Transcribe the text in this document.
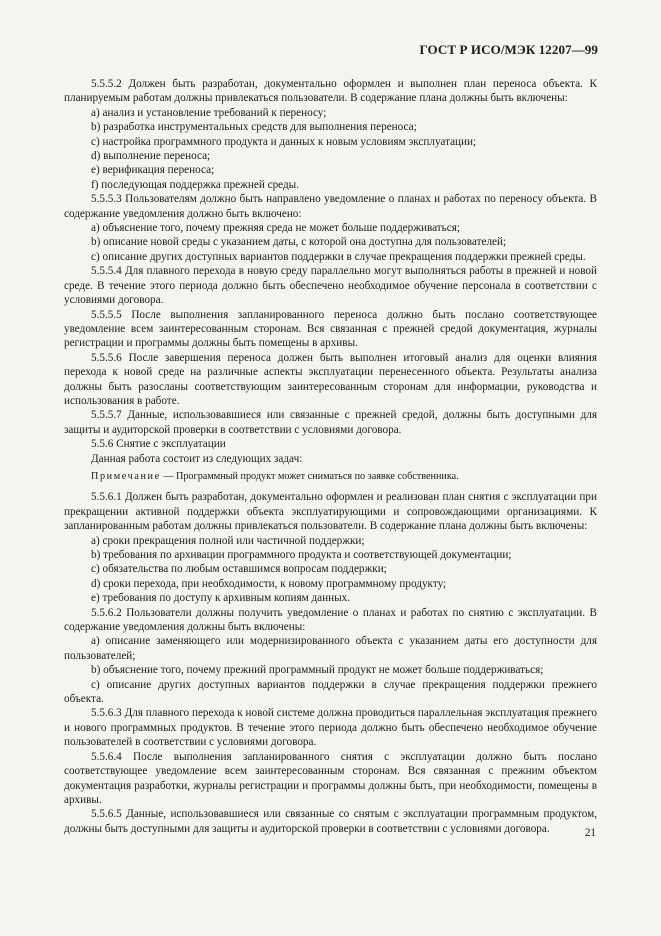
ГОСТ Р ИСО/МЭК 12207—99
5.5.5.2 Должен быть разработан, документально оформлен и выполнен план переноса объекта. К планируемым работам должны привлекаться пользователи. В содержание плана должны быть включены:
a) анализ и установление требований к переносу;
b) разработка инструментальных средств для выполнения переноса;
c) настройка программного продукта и данных к новым условиям эксплуатации;
d) выполнение переноса;
e) верификация переноса;
f) последующая поддержка прежней среды.
5.5.5.3 Пользователям должно быть направлено уведомление о планах и работах по переносу объекта. В содержание уведомления должно быть включено:
a) объяснение того, почему прежняя среда не может больше поддерживаться;
b) описание новой среды с указанием даты, с которой она доступна для пользователей;
c) описание других доступных вариантов поддержки в случае прекращения поддержки прежней среды.
5.5.5.4 Для плавного перехода в новую среду параллельно могут выполняться работы в прежней и новой среде. В течение этого периода должно быть обеспечено необходимое обучение персонала в соответствии с условиями договора.
5.5.5.5 После выполнения запланированного переноса должно быть послано соответствующее уведомление всем заинтересованным сторонам. Вся связанная с прежней средой документация, журналы регистрации и программы должны быть помещены в архивы.
5.5.5.6 После завершения переноса должен быть выполнен итоговый анализ для оценки влияния перехода к новой среде на различные аспекты эксплуатации перенесенного объекта. Результаты анализа должны быть разосланы соответствующим заинтересованным сторонам для информации, руководства и использования в работе.
5.5.5.7 Данные, использовавшиеся или связанные с прежней средой, должны быть доступными для защиты и аудиторской проверки в соответствии с условиями договора.
5.5.6 Снятие с эксплуатации
Данная работа состоит из следующих задач:
Примечание — Программный продукт может сниматься по заявке собственника.
5.5.6.1 Должен быть разработан, документально оформлен и реализован план снятия с эксплуатации при прекращении активной поддержки объекта эксплуатирующими и сопровождающими организациями. К запланированным работам должны привлекаться пользователи. В содержание плана должны быть включены:
a) сроки прекращения полной или частичной поддержки;
b) требования по архивации программного продукта и соответствующей документации;
c) обязательства по любым оставшимся вопросам поддержки;
d) сроки перехода, при необходимости, к новому программному продукту;
e) требования по доступу к архивным копиям данных.
5.5.6.2 Пользователи должны получить уведомление о планах и работах по снятию с эксплуатации. В содержание уведомления должны быть включены:
a) описание заменяющего или модернизированного объекта с указанием даты его доступности для пользователей;
b) объяснение того, почему прежний программный продукт не может больше поддерживаться;
c) описание других доступных вариантов поддержки в случае прекращения поддержки прежнего объекта.
5.5.6.3 Для плавного перехода к новой системе должна проводиться параллельная эксплуатация прежнего и нового программных продуктов. В течение этого периода должно быть обеспечено необходимое обучение пользователей в соответствии с условиями договора.
5.5.6.4 После выполнения запланированного снятия с эксплуатации должно быть послано соответствующее уведомление всем заинтересованным сторонам. Вся связанная с прежним объектом документация разработки, журналы регистрации и программы должны быть, при необходимости, помещены в архивы.
5.5.6.5 Данные, использовавшиеся или связанные со снятым с эксплуатации программным продуктом, должны быть доступными для защиты и аудиторской проверки в соответствии с условиями договора.	21
